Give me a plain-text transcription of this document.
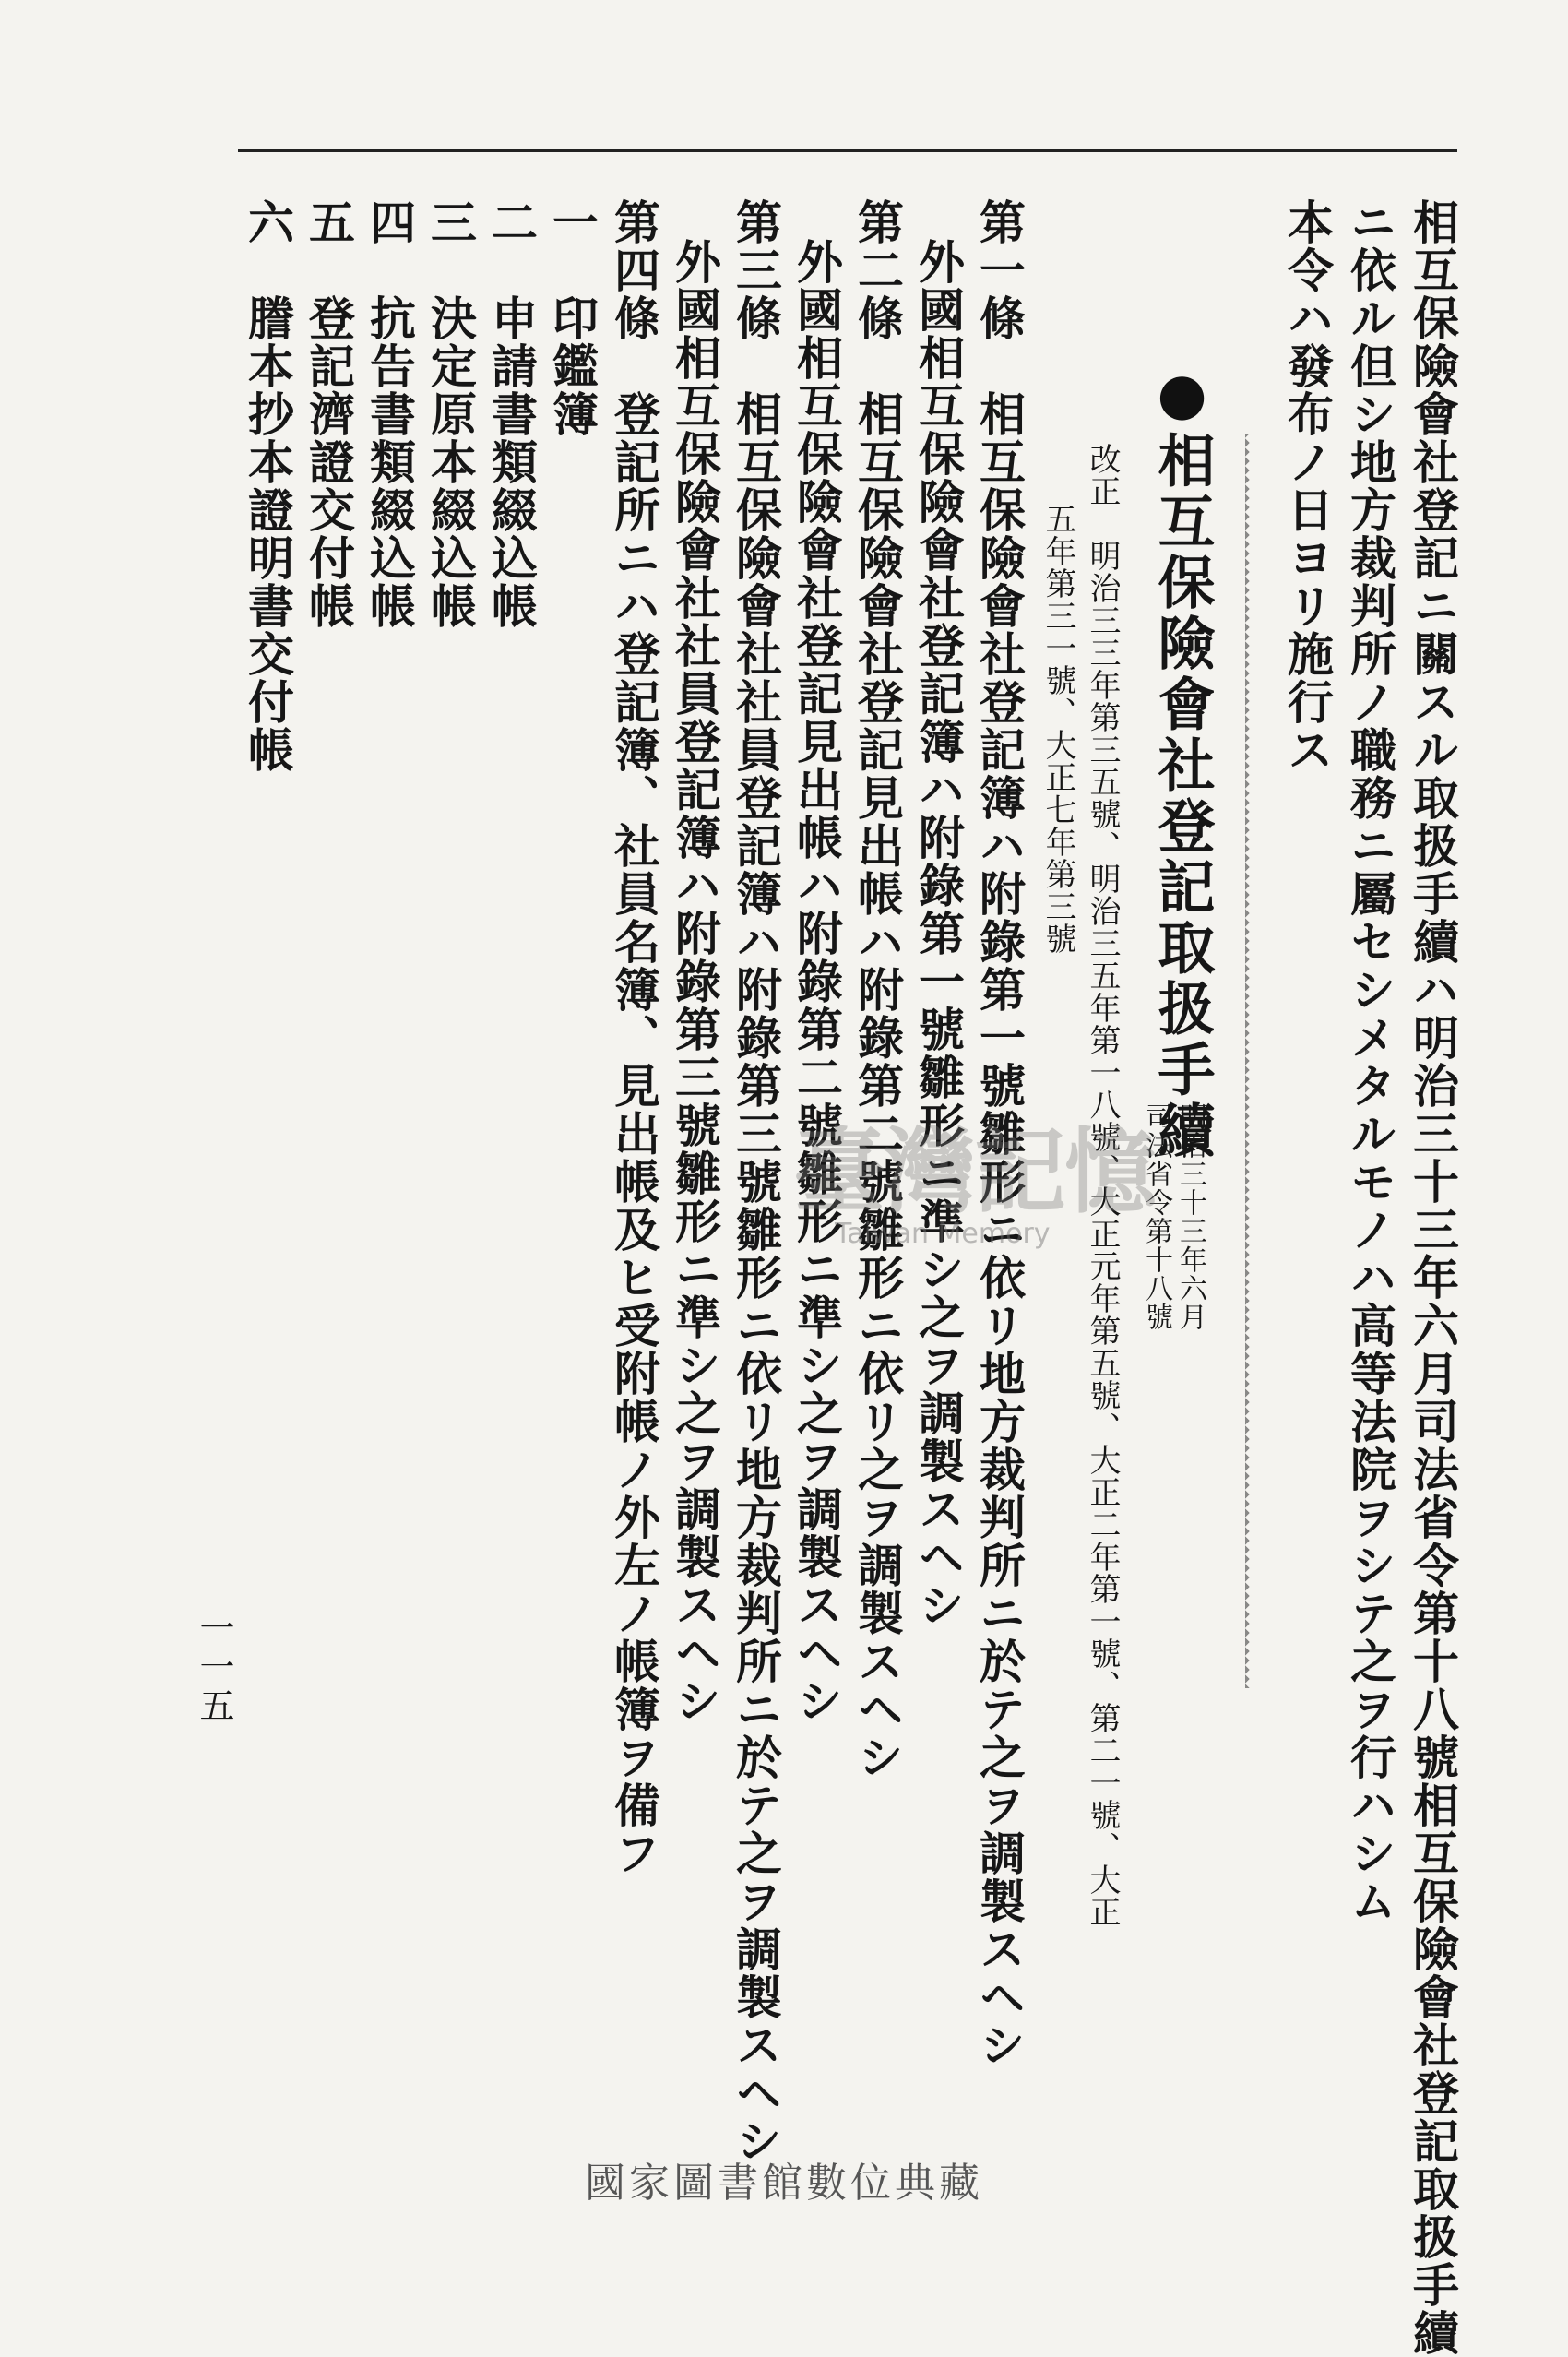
相互保險會社登記ニ關スル取扱手續ハ明治三十三年六月司法省令第十八號相互保險會社登記取扱手續

ニ依ル但シ地方裁判所ノ職務ニ屬セシメタルモノハ高等法院ヲシテ之ヲ行ハシム

本令ハ發布ノ日ヨリ施行ス

●相互保險會社登記取扱手續

明治三十三年六月

司法省令第十八號

改正　明治三三年第三五號、明治三五年第一八號、大正元年第五號、大正二年第一號、第二一號、大正

五年第三一號、大正七年第三號

第一條　相互保險會社登記簿ハ附錄第一號雛形ニ依リ地方裁判所ニ於テ之ヲ調製スヘシ

外國相互保險會社登記簿ハ附錄第一號雛形ニ準シ之ヲ調製スヘシ

第二條　相互保險會社登記見出帳ハ附錄第二號雛形ニ依リ之ヲ調製スヘシ

外國相互保險會社登記見出帳ハ附錄第二號雛形ニ準シ之ヲ調製スヘシ

第三條　相互保險會社社員登記簿ハ附錄第三號雛形ニ依リ地方裁判所ニ於テ之ヲ調製スヘシ

外國相互保險會社社員登記簿ハ附錄第三號雛形ニ準シ之ヲ調製スヘシ

第四條　登記所ニハ登記簿、社員名簿、見出帳及ヒ受附帳ノ外左ノ帳簿ヲ備フ

一　印鑑簿

二　申請書類綴込帳

三　決定原本綴込帳

四　抗告書類綴込帳

五　登記濟證交付帳

六　謄本抄本證明書交付帳

一一五
臺灣記憶
Taiwan Memory
國家圖書館數位典藏
